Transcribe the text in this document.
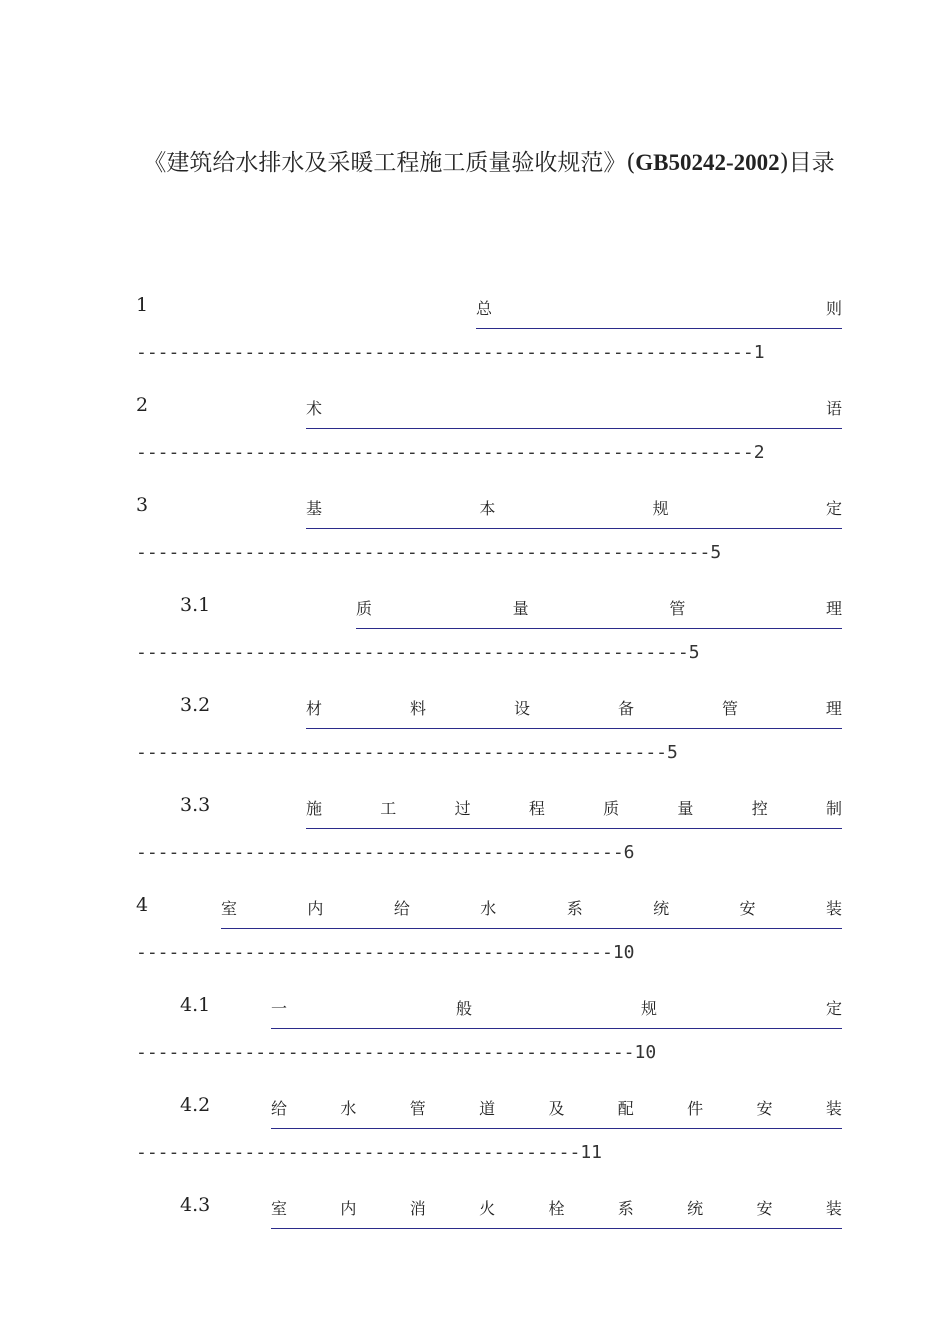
《建筑给水排水及采暖工程施工质量验收规范》(GB50242-2002)目录
1	总	则
---------------------------------------------------------1
2	术	语
---------------------------------------------------------2
3	基	本	规	定
-----------------------------------------------------5
3.1	质	量	管	理
---------------------------------------------------5
3.2	材	料	设	备	管	理
-------------------------------------------------5
3.3	施	工	过	程	质	量	控	制
---------------------------------------------6
4	室	内	给	水	系	统	安	装
--------------------------------------------10
4.1	一	般	规	定
----------------------------------------------10
4.2	给	水	管	道	及	配	件	安	装
-----------------------------------------11
4.3	室	内	消	火	栓	系	统	安	装
